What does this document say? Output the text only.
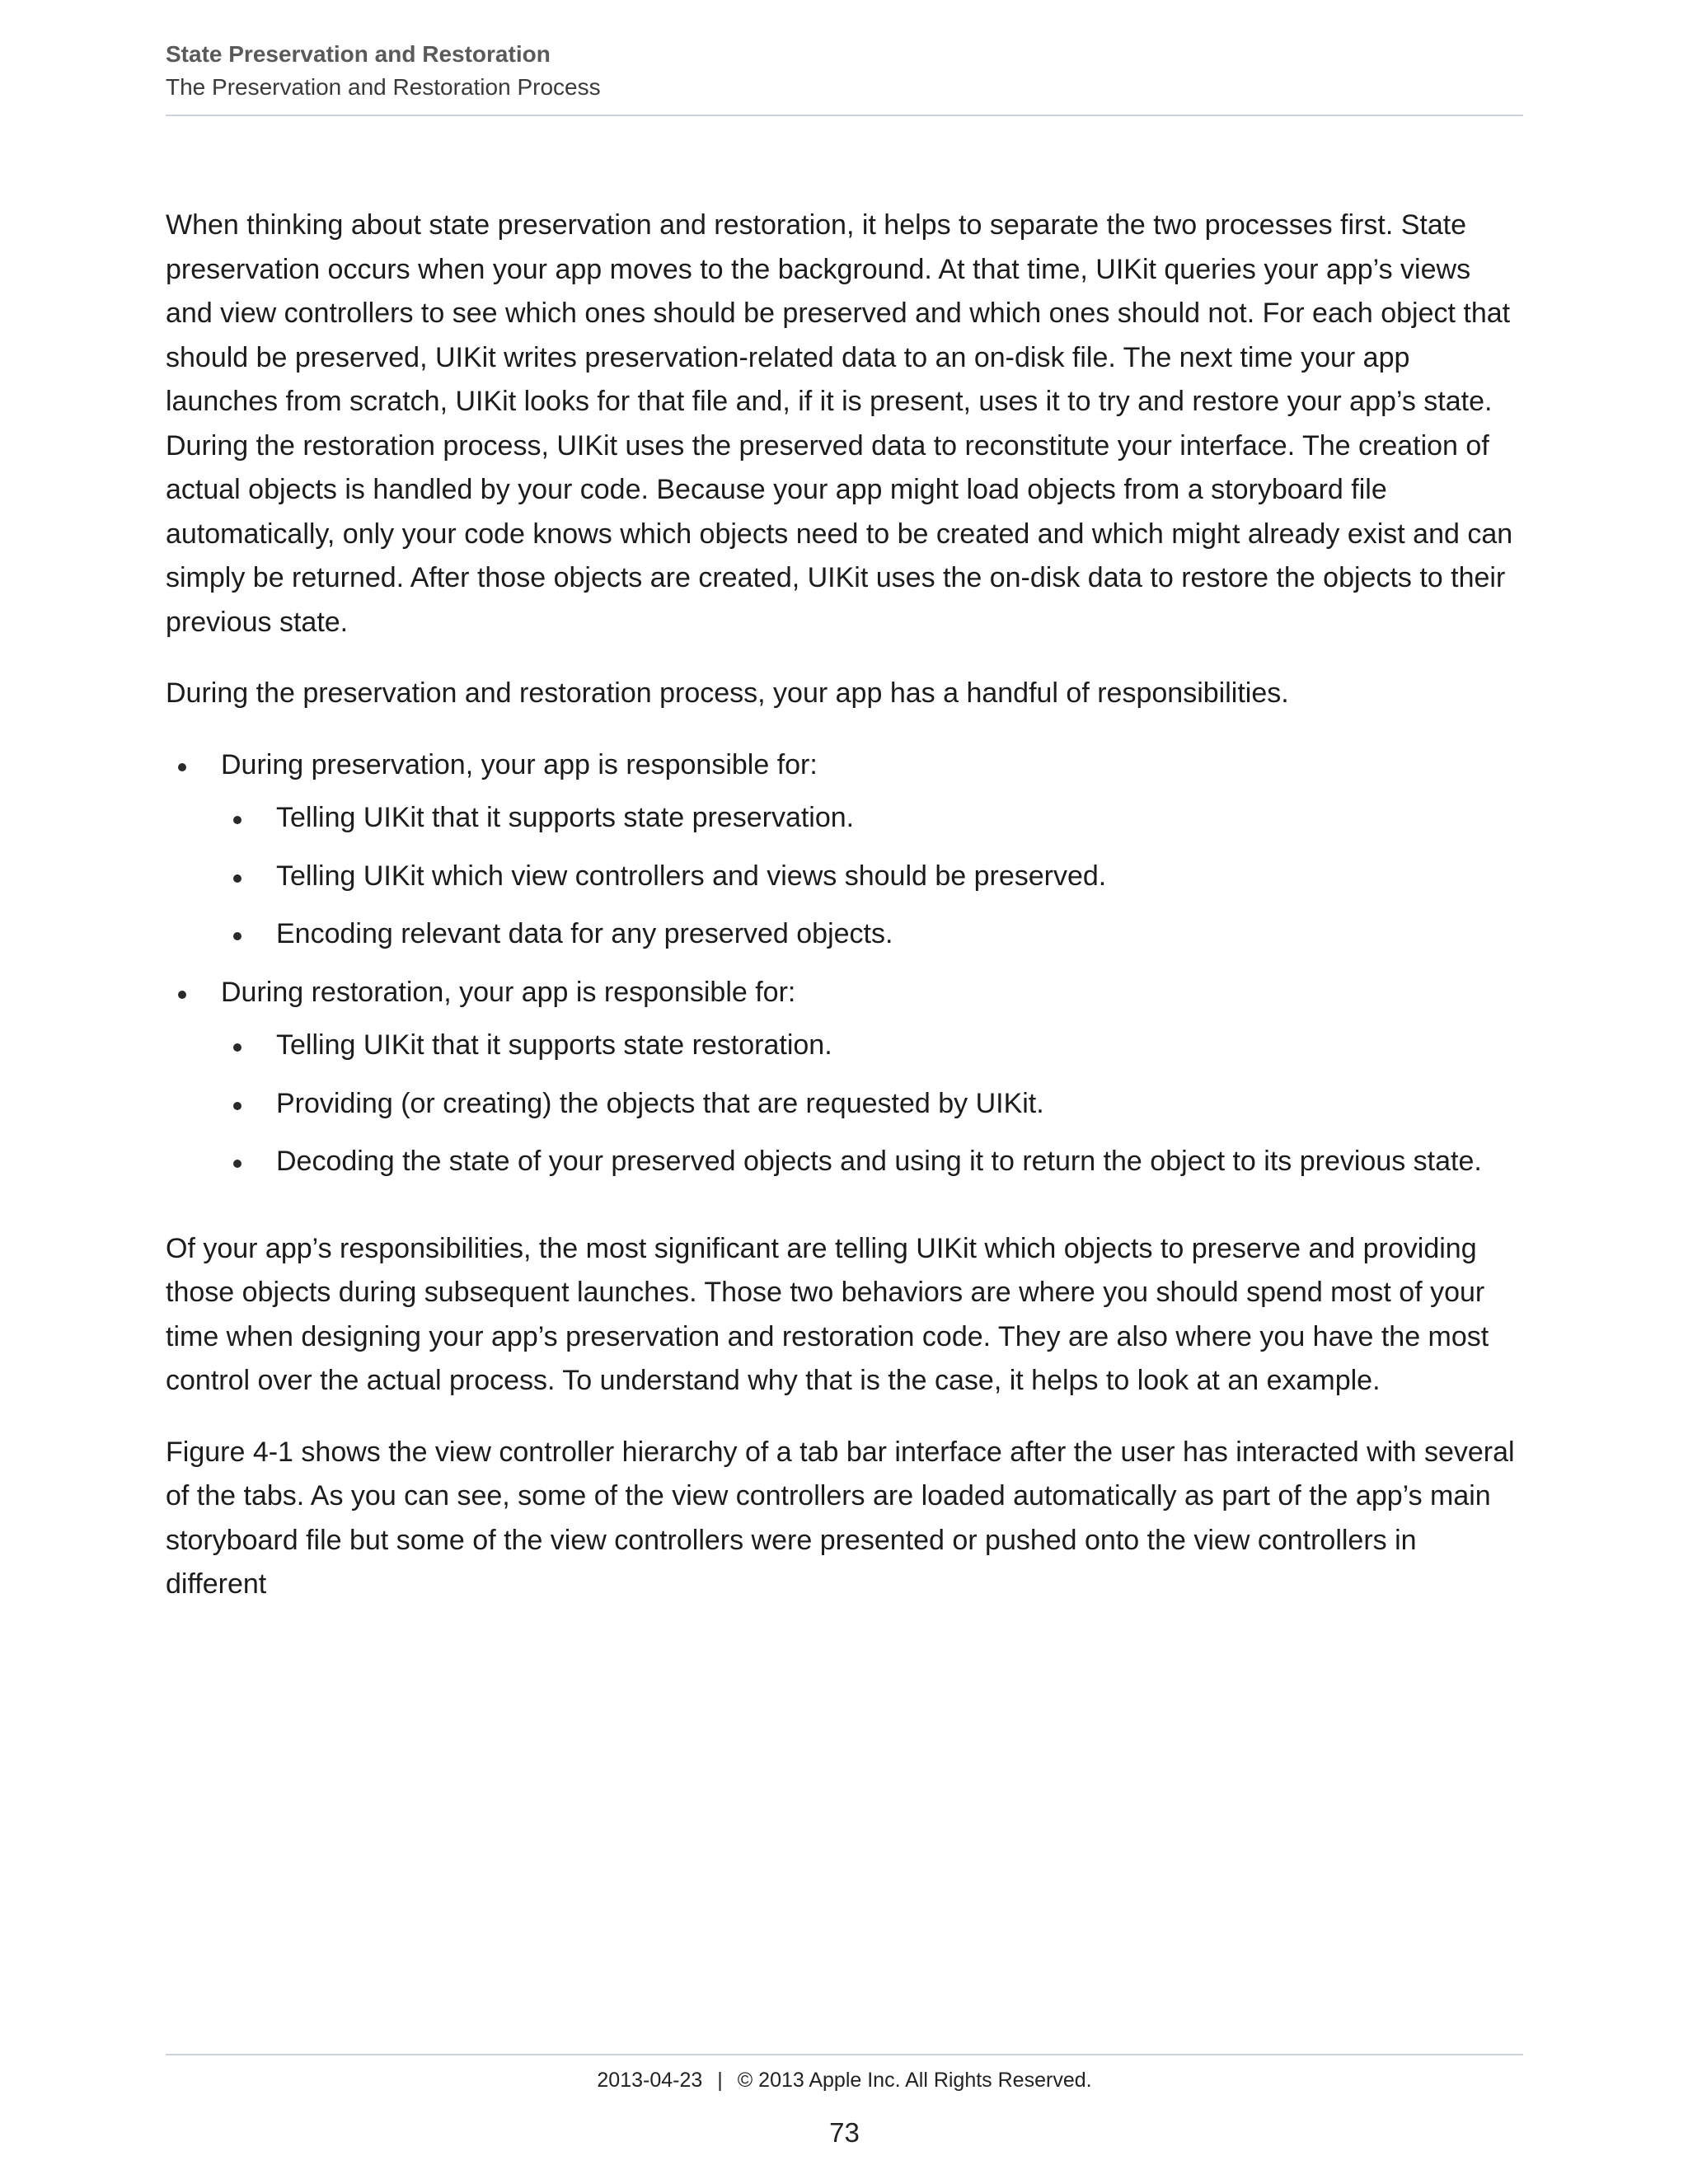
State Preservation and Restoration
The Preservation and Restoration Process

When thinking about state preservation and restoration, it helps to separate the two processes first. State preservation occurs when your app moves to the background. At that time, UIKit queries your app’s views and view controllers to see which ones should be preserved and which ones should not. For each object that should be preserved, UIKit writes preservation-related data to an on-disk file. The next time your app launches from scratch, UIKit looks for that file and, if it is present, uses it to try and restore your app’s state. During the restoration process, UIKit uses the preserved data to reconstitute your interface. The creation of actual objects is handled by your code. Because your app might load objects from a storyboard file automatically, only your code knows which objects need to be created and which might already exist and can simply be returned. After those objects are created, UIKit uses the on-disk data to restore the objects to their previous state.

During the preservation and restoration process, your app has a handful of responsibilities.

During preservation, your app is responsible for:
Telling UIKit that it supports state preservation.
Telling UIKit which view controllers and views should be preserved.
Encoding relevant data for any preserved objects.
During restoration, your app is responsible for:
Telling UIKit that it supports state restoration.
Providing (or creating) the objects that are requested by UIKit.
Decoding the state of your preserved objects and using it to return the object to its previous state.

Of your app’s responsibilities, the most significant are telling UIKit which objects to preserve and providing those objects during subsequent launches. Those two behaviors are where you should spend most of your time when designing your app’s preservation and restoration code. They are also where you have the most control over the actual process. To understand why that is the case, it helps to look at an example.

Figure 4-1 shows the view controller hierarchy of a tab bar interface after the user has interacted with several of the tabs. As you can see, some of the view controllers are loaded automatically as part of the app’s main storyboard file but some of the view controllers were presented or pushed onto the view controllers in different

2013-04-23 | © 2013 Apple Inc. All Rights Reserved.
73
